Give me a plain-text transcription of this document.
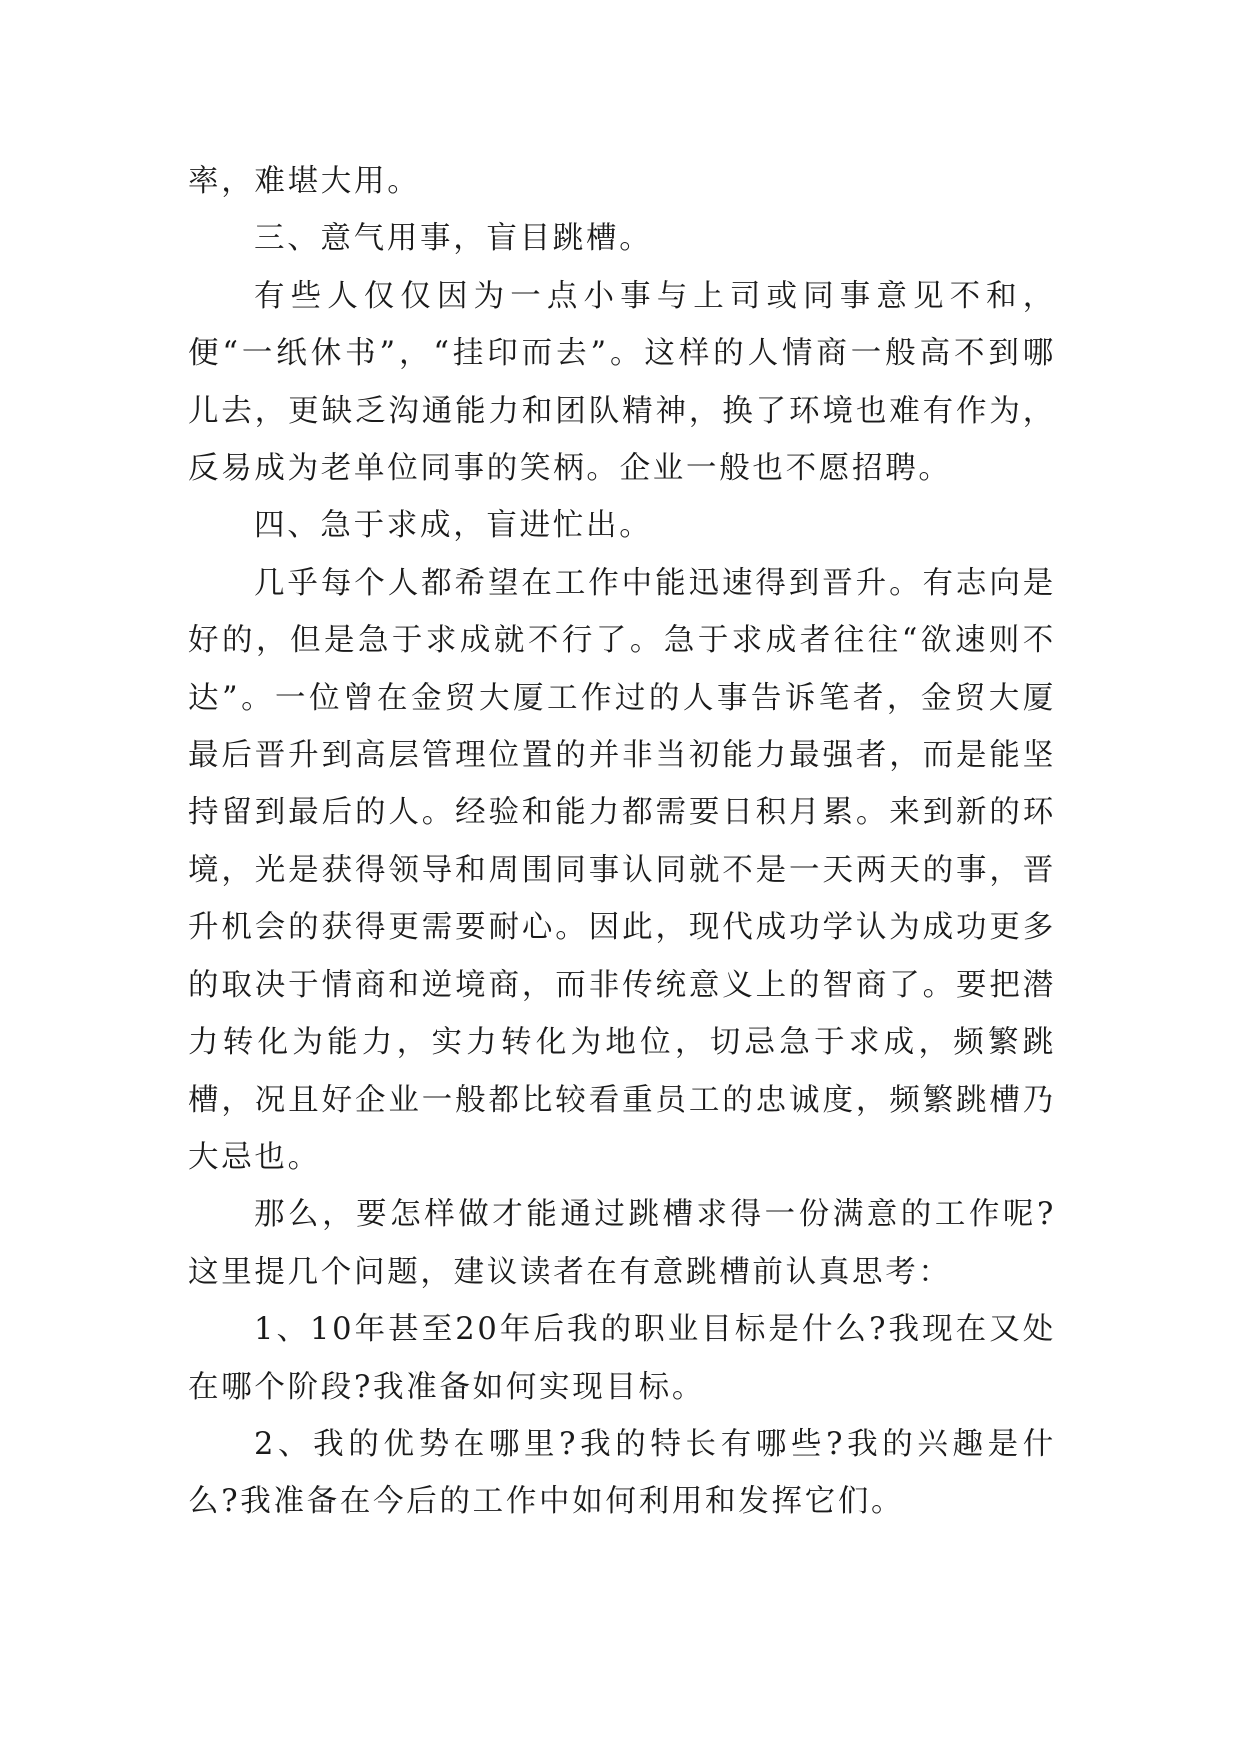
率，难堪大用。

三、意气用事，盲目跳槽。

有些人仅仅因为一点小事与上司或同事意见不和，便“一纸休书”，“挂印而去”。这样的人情商一般高不到哪儿去，更缺乏沟通能力和团队精神，换了环境也难有作为，反易成为老单位同事的笑柄。企业一般也不愿招聘。

四、急于求成，盲进忙出。

几乎每个人都希望在工作中能迅速得到晋升。有志向是好的，但是急于求成就不行了。急于求成者往往“欲速则不达”。一位曾在金贸大厦工作过的人事告诉笔者，金贸大厦最后晋升到高层管理位置的并非当初能力最强者，而是能坚持留到最后的人。经验和能力都需要日积月累。来到新的环境，光是获得领导和周围同事认同就不是一天两天的事，晋升机会的获得更需要耐心。因此，现代成功学认为成功更多的取决于情商和逆境商，而非传统意义上的智商了。要把潜力转化为能力，实力转化为地位，切忌急于求成，频繁跳槽，况且好企业一般都比较看重员工的忠诚度，频繁跳槽乃大忌也。

那么，要怎样做才能通过跳槽求得一份满意的工作呢?这里提几个问题，建议读者在有意跳槽前认真思考：

1、10年甚至20年后我的职业目标是什么?我现在又处在哪个阶段?我准备如何实现目标。

2、我的优势在哪里?我的特长有哪些?我的兴趣是什么?我准备在今后的工作中如何利用和发挥它们。
